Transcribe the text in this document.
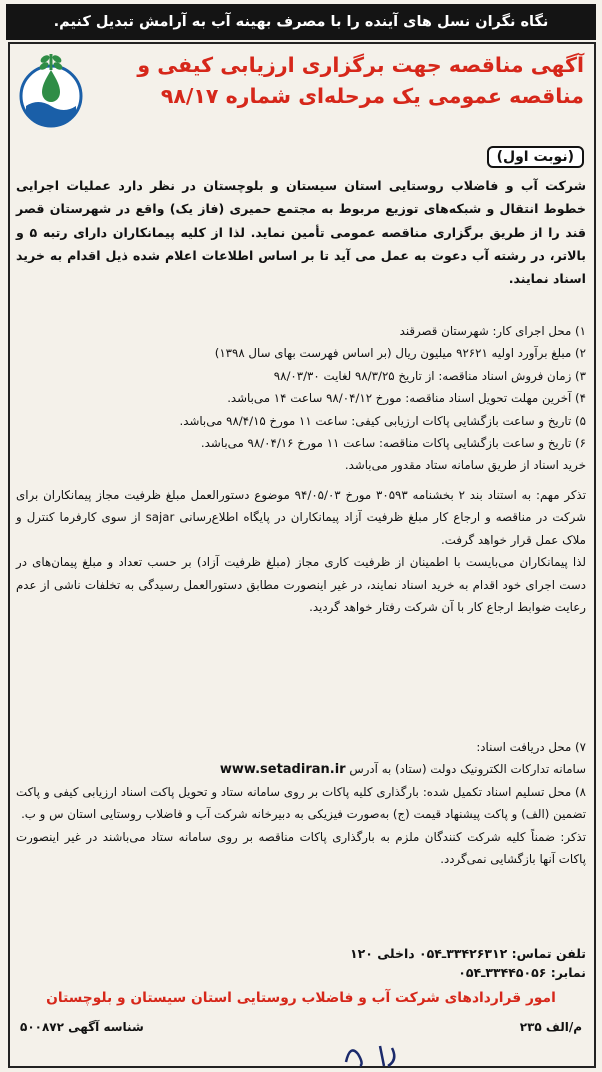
نگاه نگران نسل های آینده را با مصرف بهینه آب به آرامش تبدیل کنیم.
آگهی مناقصه جهت برگزاری ارزیابی کیفی و
مناقصه عمومی یک مرحله‌ای شماره ۹۸/۱۷
(نوبت اول)

شرکت آب و فاضلاب روستایی استان سیستان و بلوچستان در نظر دارد عملیات اجرایی خطوط انتقال و شبکه‌های توزیع مربوط به مجتمع حمیری (فاز یک) واقع در شهرستان قصر قند را از طریق برگزاری مناقصه عمومی تأمین نماید. لذا از کلیه پیمانکاران دارای رتبه ۵ و بالاتر، در رشته آب دعوت به عمل می آید تا بر اساس اطلاعات اعلام شده ذیل اقدام به خرید اسناد نمایند.

۱) محل اجرای کار: شهرستان قصرقند
۲) مبلغ برآورد اولیه ۹۲۶۲۱ میلیون ریال (بر اساس فهرست بهای سال ۱۳۹۸)
۳) زمان فروش اسناد مناقصه: از تاریخ ۹۸/۳/۲۵ لغایت ۹۸/۰۳/۳۰
۴) آخرین مهلت تحویل اسناد مناقصه: مورخ ۹۸/۰۴/۱۲ ساعت ۱۴ می‌باشد.
۵) تاریخ و ساعت بازگشایی پاکات ارزیابی کیفی: ساعت ۱۱ مورخ ۹۸/۴/۱۵ می‌باشد.
۶) تاریخ و ساعت بازگشایی پاکات مناقصه: ساعت ۱۱ مورخ ۹۸/۰۴/۱۶ می‌باشد.
خرید اسناد از طریق سامانه ستاد مقدور می‌باشد.

تذکر مهم: به استناد بند ۲ بخشنامه ۳۰۵۹۳ مورخ ۹۴/۰۵/۰۳ موضوع دستورالعمل مبلغ ظرفیت مجاز پیمانکاران برای شرکت در مناقصه و ارجاع کار مبلغ ظرفیت آزاد پیمانکاران در پایگاه اطلاع‌رسانی sajar از سوی کارفرما کنترل و ملاک عمل قرار خواهد گرفت.

لذا پیمانکاران می‌بایست با اطمینان از ظرفیت کاری مجاز (مبلغ ظرفیت آزاد) بر حسب تعداد و مبلغ پیمان‌های در دست اجرای خود اقدام به خرید اسناد نمایند، در غیر اینصورت مطابق دستورالعمل رسیدگی به تخلفات ناشی از عدم رعایت ضوابط ارجاع کار با آن شرکت رفتار خواهد گردید.

۷) محل دریافت اسناد:

سامانه تدارکات الکترونیک دولت (ستاد) به آدرس www.setadiran.ir

۸) محل تسلیم اسناد تکمیل شده: بارگذاری کلیه پاکات بر روی سامانه ستاد و تحویل پاکت اسناد ارزیابی کیفی و پاکت تضمین (الف) و پاکت پیشنهاد قیمت (ج) به‌صورت فیزیکی به دبیرخانه شرکت آب و فاضلاب روستایی استان س و ب.

تذکر: ضمناً کلیه شرکت کنندگان ملزم به بارگذاری پاکات مناقصه بر روی سامانه ستاد می‌باشند در غیر اینصورت پاکات آنها بازگشایی نمی‌گردد.

تلفن تماس: ۳۳۴۲۶۳۱۲ـ۰۵۴ داخلی ۱۲۰
نمابر: ۳۳۴۴۵۰۵۶ـ۰۵۴
امور قراردادهای شرکت آب و فاضلاب روستایی استان سیستان و بلوچستان
م/الف ۲۳۵
شناسه آگهی ۵۰۰۸۷۲
